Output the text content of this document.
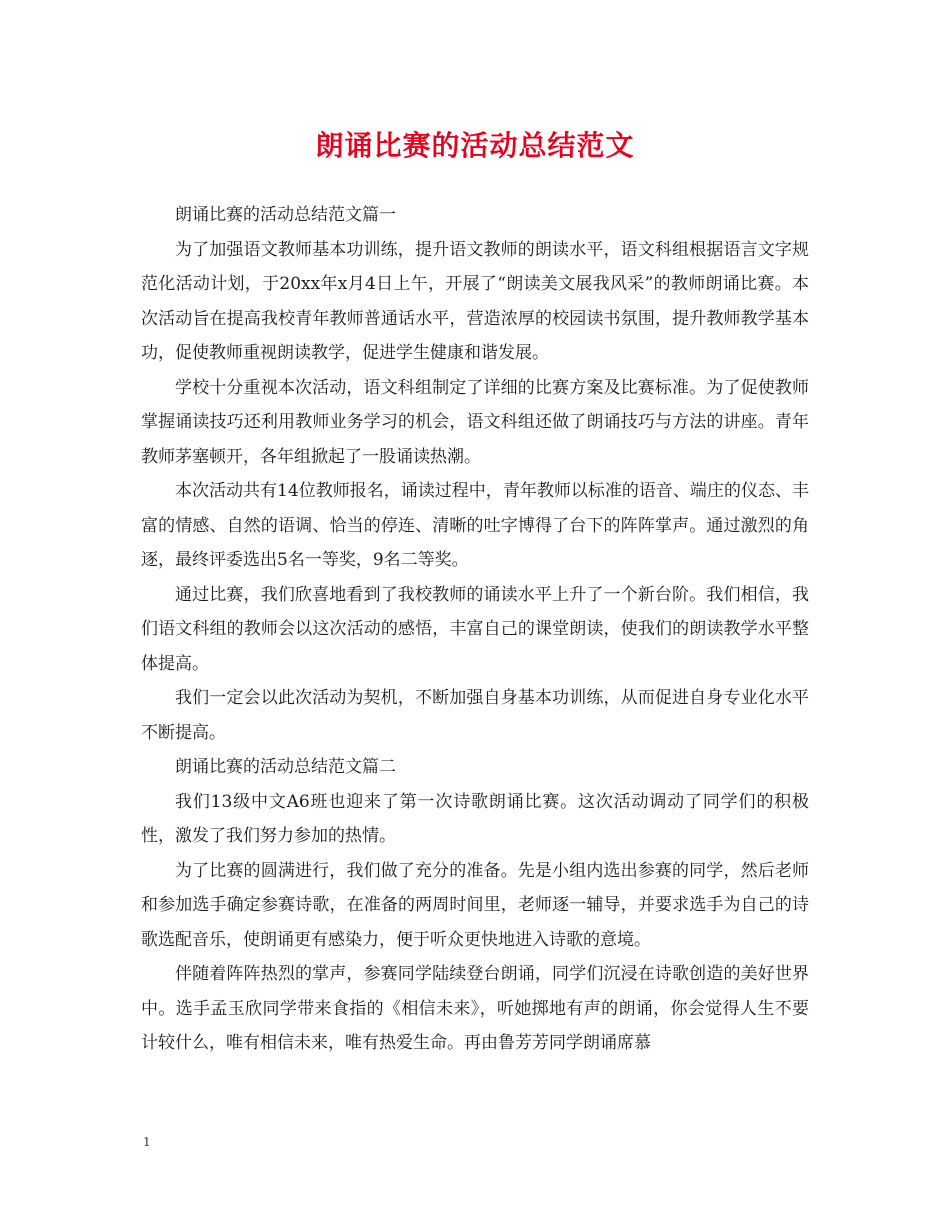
朗诵比赛的活动总结范文

朗诵比赛的活动总结范文篇一

为了加强语文教师基本功训练，提升语文教师的朗读水平，语文科组根据语言文字规范化活动计划，于20xx年x月4日上午，开展了“朗读美文展我风采”的教师朗诵比赛。本次活动旨在提高我校青年教师普通话水平，营造浓厚的校园读书氛围，提升教师教学基本功，促使教师重视朗读教学，促进学生健康和谐发展。

学校十分重视本次活动，语文科组制定了详细的比赛方案及比赛标准。为了促使教师掌握诵读技巧还利用教师业务学习的机会，语文科组还做了朗诵技巧与方法的讲座。青年教师茅塞顿开，各年组掀起了一股诵读热潮。

本次活动共有14位教师报名，诵读过程中，青年教师以标准的语音、端庄的仪态、丰富的情感、自然的语调、恰当的停连、清晰的吐字博得了台下的阵阵掌声。通过激烈的角逐，最终评委选出5名一等奖，9名二等奖。

通过比赛，我们欣喜地看到了我校教师的诵读水平上升了一个新台阶。我们相信，我们语文科组的教师会以这次活动的感悟，丰富自己的课堂朗读，使我们的朗读教学水平整体提高。

我们一定会以此次活动为契机，不断加强自身基本功训练，从而促进自身专业化水平不断提高。

朗诵比赛的活动总结范文篇二

我们13级中文A6班也迎来了第一次诗歌朗诵比赛。这次活动调动了同学们的积极性，激发了我们努力参加的热情。

为了比赛的圆满进行，我们做了充分的准备。先是小组内选出参赛的同学，然后老师和参加选手确定参赛诗歌，在准备的两周时间里，老师逐一辅导，并要求选手为自己的诗歌选配音乐，使朗诵更有感染力，便于听众更快地进入诗歌的意境。

伴随着阵阵热烈的掌声，参赛同学陆续登台朗诵，同学们沉浸在诗歌创造的美好世界中。选手孟玉欣同学带来食指的《相信未来》，听她掷地有声的朗诵，你会觉得人生不要计较什么，唯有相信未来，唯有热爱生命。再由鲁芳芳同学朗诵席慕

1
